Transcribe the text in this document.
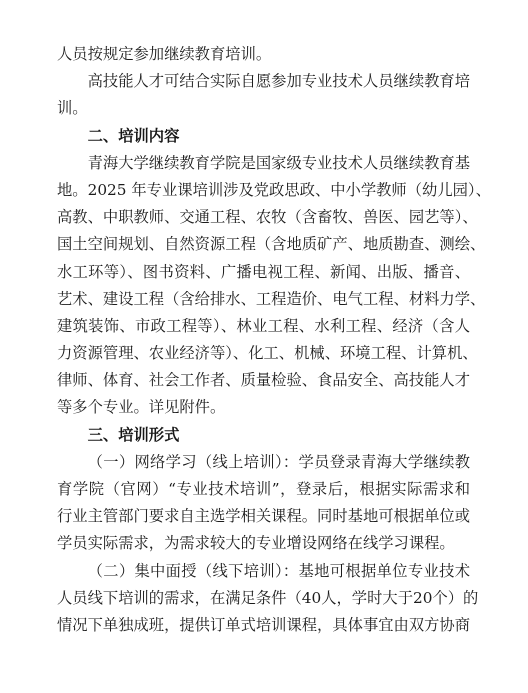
人员按规定参加继续教育培训。
高技能人才可结合实际自愿参加专业技术人员继续教育培
训。
二、培训内容
青海大学继续教育学院是国家级专业技术人员继续教育基
地。2025 年专业课培训涉及党政思政、中小学教师（幼儿园）、
高教、中职教师、交通工程、农牧（含畜牧、兽医、园艺等）、
国土空间规划、自然资源工程（含地质矿产、地质勘查、测绘、
水工环等）、图书资料、广播电视工程、新闻、出版、播音、
艺术、建设工程（含给排水、工程造价、电气工程、材料力学、
建筑装饰、市政工程等）、林业工程、水利工程、经济（含人
力资源管理、农业经济等）、化工、机械、环境工程、计算机、
律师、体育、社会工作者、质量检验、食品安全、高技能人才
等多个专业。详见附件。
三、培训形式
（一）网络学习（线上培训）：学员登录青海大学继续教
育学院（官网）“专业技术培训”，登录后，根据实际需求和
行业主管部门要求自主选学相关课程。同时基地可根据单位或
学员实际需求，为需求较大的专业增设网络在线学习课程。
（二）集中面授（线下培训）：基地可根据单位专业技术
人员线下培训的需求，在满足条件（40人，学时大于20个）的
情况下单独成班，提供订单式培训课程，具体事宜由双方协商
